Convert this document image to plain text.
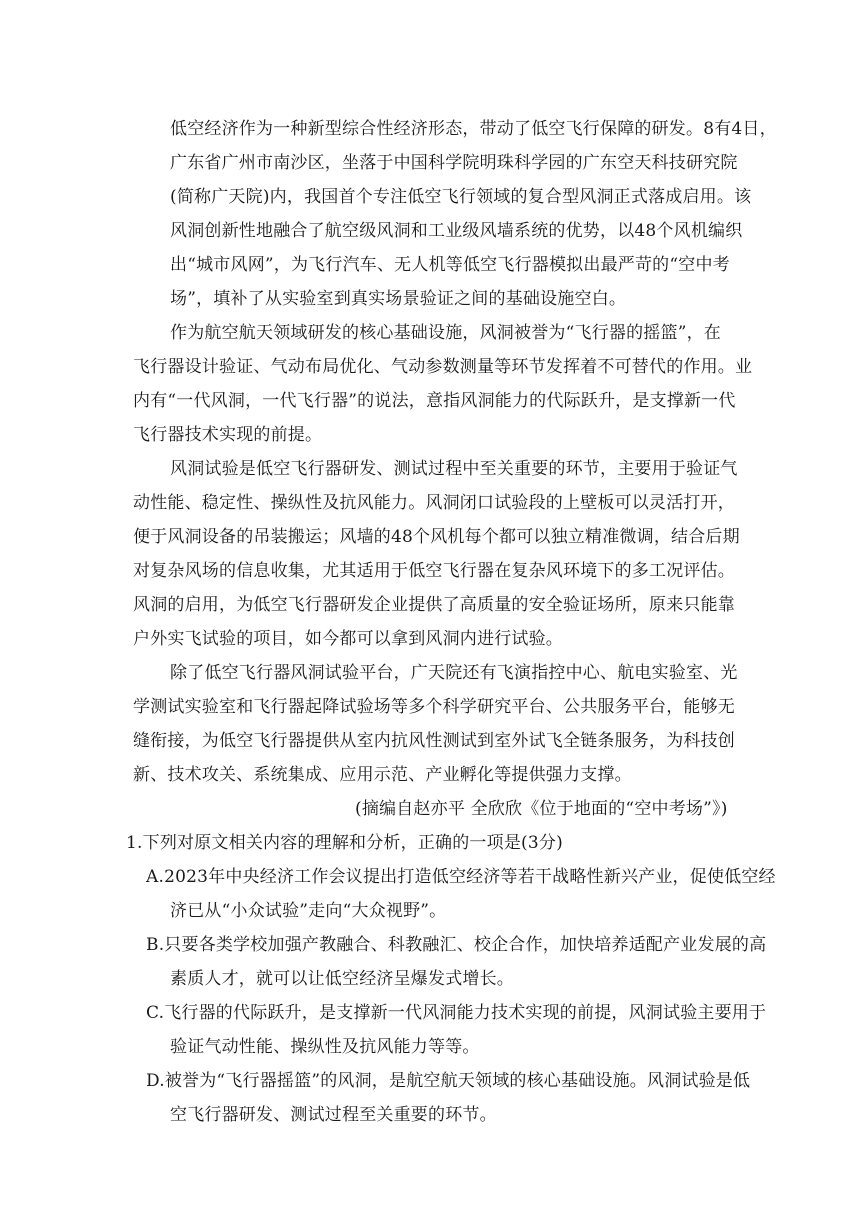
低空经济作为一种新型综合性经济形态，带动了低空飞行保障的研发。8有4日，
广东省广州市南沙区，坐落于中国科学院明珠科学园的广东空天科技研究院
(简称广天院)内，我国首个专注低空飞行领域的复合型风洞正式落成启用。该
风洞创新性地融合了航空级风洞和工业级风墙系统的优势，以48个风机编织
出“城市风网”，为飞行汽车、无人机等低空飞行器模拟出最严苛的“空中考
场”，填补了从实验室到真实场景验证之间的基础设施空白。
作为航空航天领域研发的核心基础设施，风洞被誉为“飞行器的摇篮”，在
飞行器设计验证、气动布局优化、气动参数测量等环节发挥着不可替代的作用。业
内有“一代风洞，一代飞行器”的说法，意指风洞能力的代际跃升，是支撑新一代
飞行器技术实现的前提。
风洞试验是低空飞行器研发、测试过程中至关重要的环节，主要用于验证气
动性能、稳定性、操纵性及抗风能力。风洞闭口试验段的上壁板可以灵活打开，
便于风洞设备的吊装搬运；风墙的48个风机每个都可以独立精准微调，结合后期
对复杂风场的信息收集，尤其适用于低空飞行器在复杂风环境下的多工况评估。
风洞的启用，为低空飞行器研发企业提供了高质量的安全验证场所，原来只能靠
户外实飞试验的项目，如今都可以拿到风洞内进行试验。
除了低空飞行器风洞试验平台，广天院还有飞演指控中心、航电实验室、光
学测试实验室和飞行器起降试验场等多个科学研究平台、公共服务平台，能够无
缝衔接，为低空飞行器提供从室内抗风性测试到室外试飞全链条服务，为科技创
新、技术攻关、系统集成、应用示范、产业孵化等提供强力支撑。
(摘编自赵亦平 全欣欣《位于地面的“空中考场”》)
1.下列对原文相关内容的理解和分析，正确的一项是(3分)
A.2023年中央经济工作会议提出打造低空经济等若干战略性新兴产业，促使低空经
济已从“小众试验”走向“大众视野”。
B.只要各类学校加强产教融合、科教融汇、校企合作，加快培养适配产业发展的高
素质人才，就可以让低空经济呈爆发式增长。
C.飞行器的代际跃升，是支撑新一代风洞能力技术实现的前提，风洞试验主要用于
验证气动性能、操纵性及抗风能力等等。
D.被誉为“飞行器摇篮”的风洞，是航空航天领域的核心基础设施。风洞试验是低
空飞行器研发、测试过程至关重要的环节。
